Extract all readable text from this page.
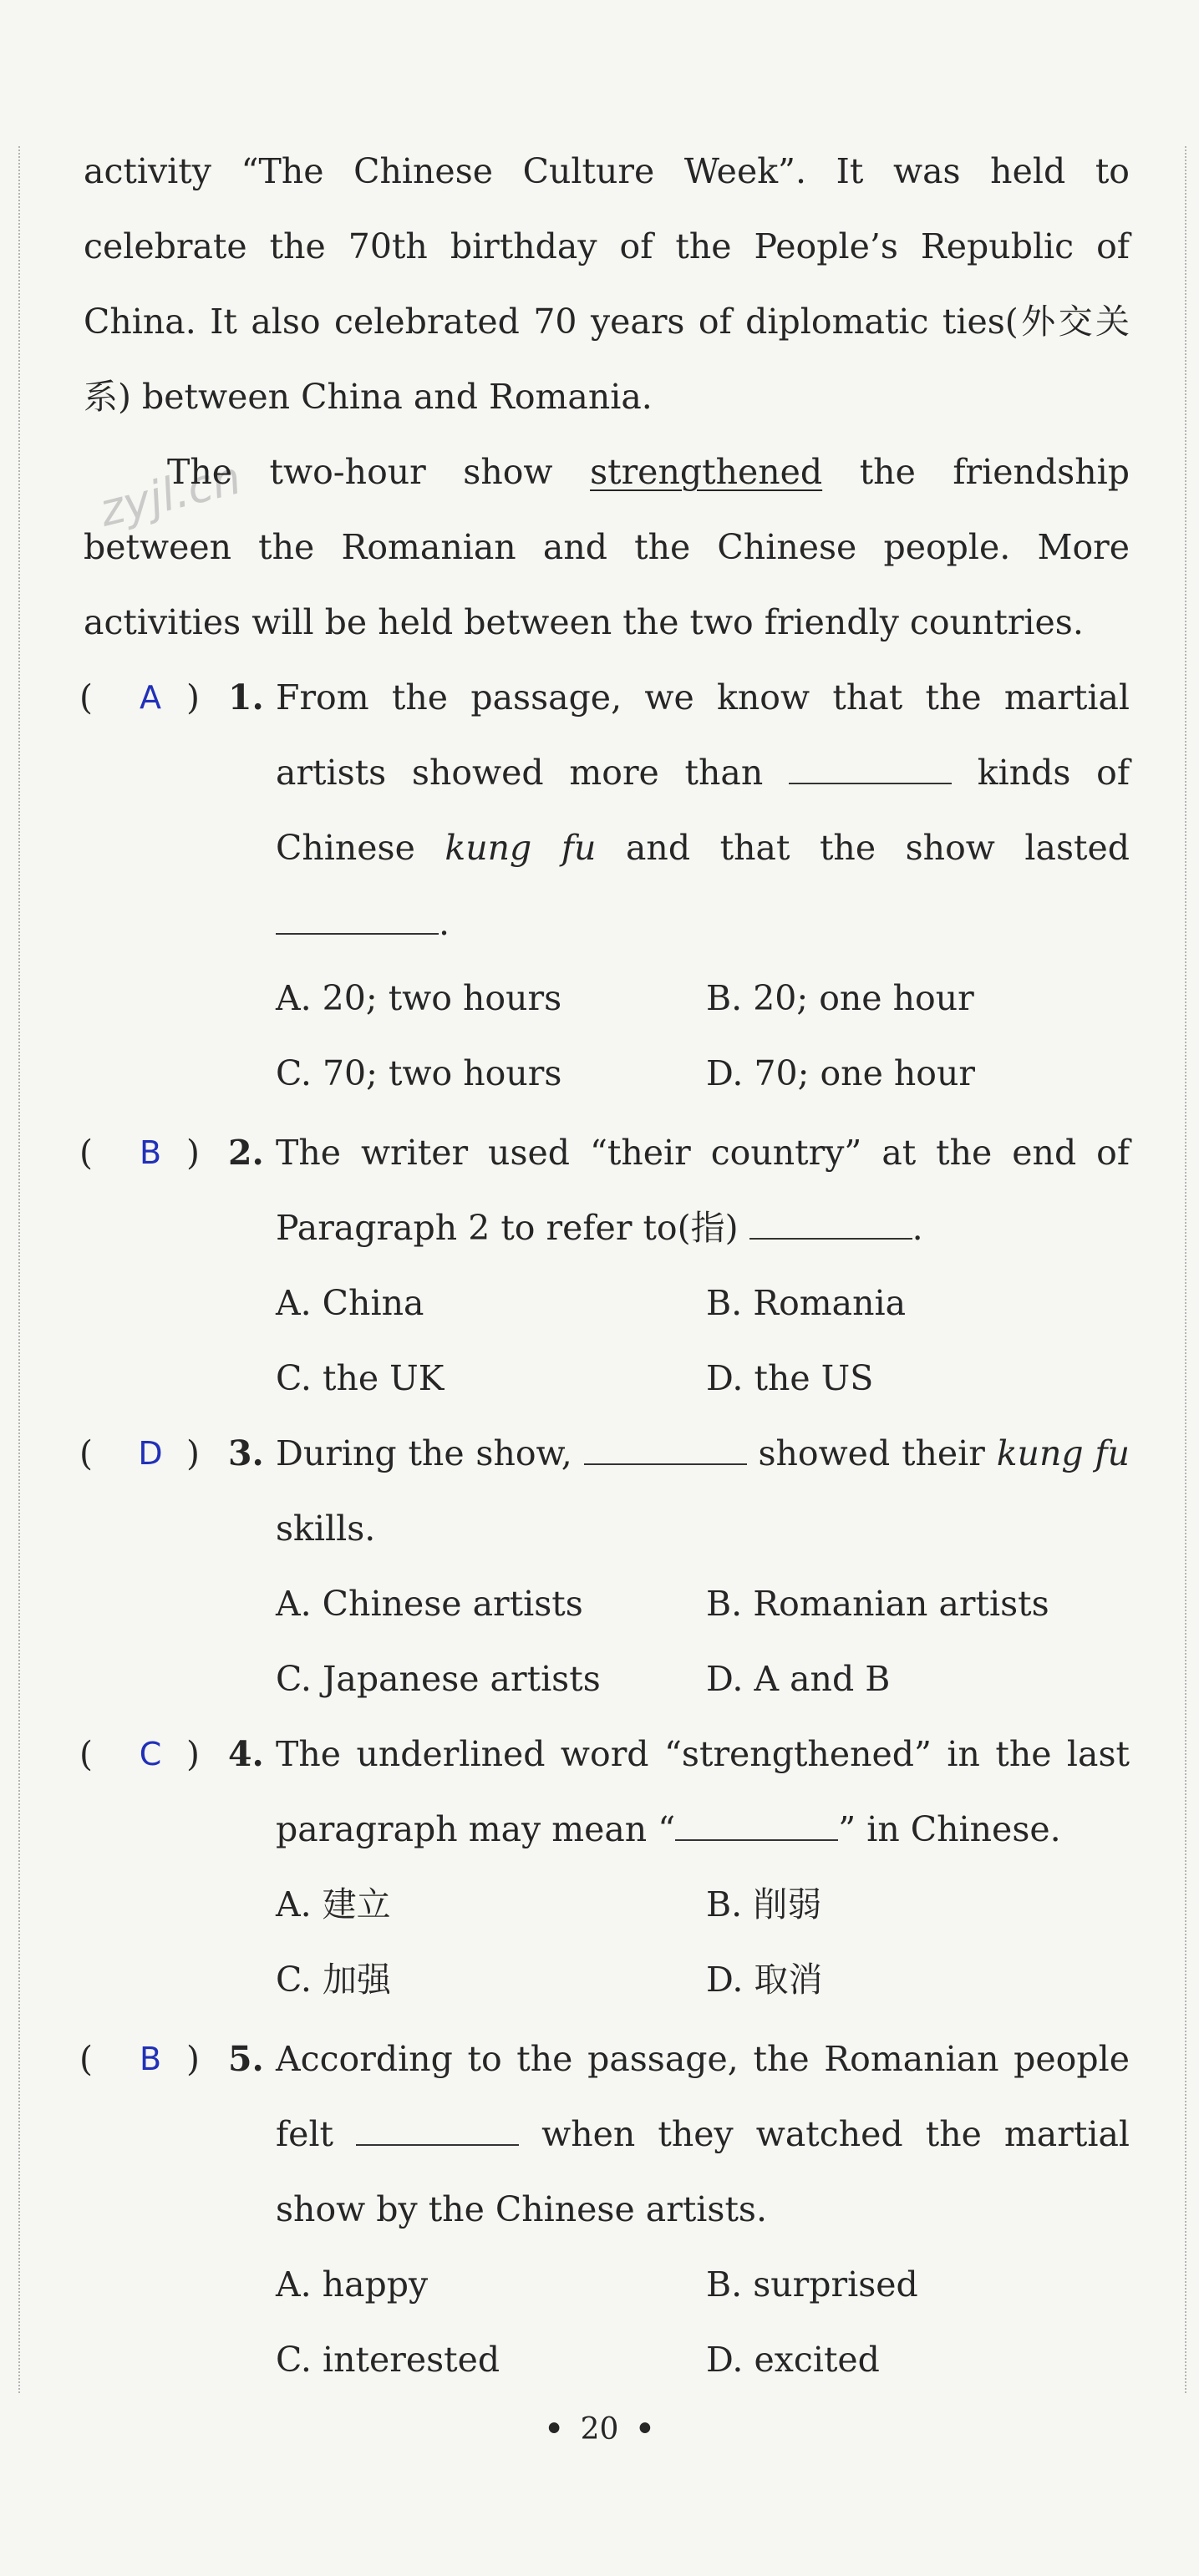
activity “The Chinese Culture Week”. It was held to celebrate the 70th birthday of the People’s Republic of China. It also celebrated 70 years of diplomatic ties(外交关系) between China and Romania.

zyjl.cn

The two-hour show strengthened the friendship between the Romanian and the Chinese people. More activities will be held between the two friendly countries.

(	A ) 1. From the passage, we know that the martial artists showed more than	kinds of Chinese kung fu and that the show lasted .
A. 20; two hours	B. 20; one hour
C. 70; two hours	D. 70; one hour
(	B ) 2. The writer used “their country” at the end of Paragraph 2 to refer to(指)	.
A. China	B. Romania
C. the UK	D. the US
( D ) 3. During the show,	showed their kung fu skills.
A. Chinese artists	B. Romanian artists
C. Japanese artists	D. A and B
(	C ) 4. The underlined word “strengthened” in the last paragraph may mean “	” in Chinese.
A. 建立	B. 削弱
C. 加强	D. 取消
(	B ) 5. According to the passage, the Romanian people felt	when they watched the martial show by the Chinese artists.
A. happy	B. surprised
C. interested	D. excited
• 20 •
